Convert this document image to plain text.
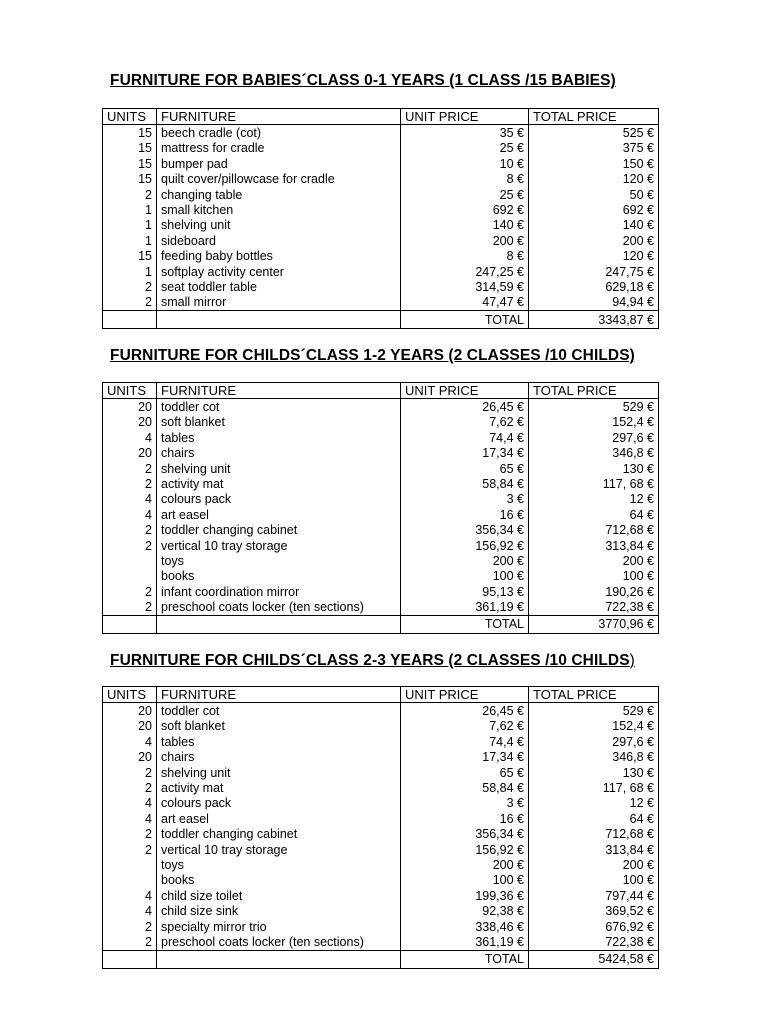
FURNITURE FOR BABIES´CLASS 0-1 YEARS (1 CLASS /15 BABIES)
UNITS	FURNITURE	UNIT PRICE	TOTAL PRICE
15	beech cradle (cot)	35 €	525 €
15	mattress for cradle	25 €	375 €
15	bumper pad	10 €	150 €
15	quilt cover/pillowcase for cradle	8 €	120 €
2	changing table	25 €	50 €
1	small kitchen	692 €	692 €
1	shelving unit	140 €	140 €
1	sideboard	200 €	200 €
15	feeding baby bottles	8 €	120 €
1	softplay activity center	247,25 €	247,75 €
2	seat toddler table	314,59 €	629,18 €
2	small mirror	47,47 €	94,94 €
		TOTAL	3343,87 €
FURNITURE FOR CHILDS´CLASS 1-2 YEARS (2 CLASSES /10 CHILDS)
UNITS	FURNITURE	UNIT PRICE	TOTAL PRICE
20	toddler cot	26,45 €	529 €
20	soft blanket	7,62 €	152,4 €
4	tables	74,4 €	297,6 €
20	chairs	17,34 €	346,8 €
2	shelving unit	65 €	130 €
2	activity mat	58,84 €	117, 68 €
4	colours pack	3 €	12 €
4	art easel	16 €	64 €
2	toddler changing cabinet	356,34 €	712,68 €
2	vertical 10 tray storage	156,92 €	313,84 €
	toys	200 €	200 €
	books	100 €	100 €
2	infant coordination mirror	95,13 €	190,26 €
2	preschool coats locker (ten sections)	361,19 €	722,38 €
		TOTAL	3770,96 €
FURNITURE FOR CHILDS´CLASS 2-3 YEARS (2 CLASSES /10 CHILDS)
UNITS	FURNITURE	UNIT PRICE	TOTAL PRICE
20	toddler cot	26,45 €	529 €
20	soft blanket	7,62 €	152,4 €
4	tables	74,4 €	297,6 €
20	chairs	17,34 €	346,8 €
2	shelving unit	65 €	130 €
2	activity mat	58,84 €	117, 68 €
4	colours pack	3 €	12 €
4	art easel	16 €	64 €
2	toddler changing cabinet	356,34 €	712,68 €
2	vertical 10 tray storage	156,92 €	313,84 €
	toys	200 €	200 €
	books	100 €	100 €
4	child size toilet	199,36 €	797,44 €
4	child size sink	92,38 €	369,52 €
2	specialty mirror trio	338,46 €	676,92 €
2	preschool coats locker (ten sections)	361,19 €	722,38 €
		TOTAL	5424,58 €
